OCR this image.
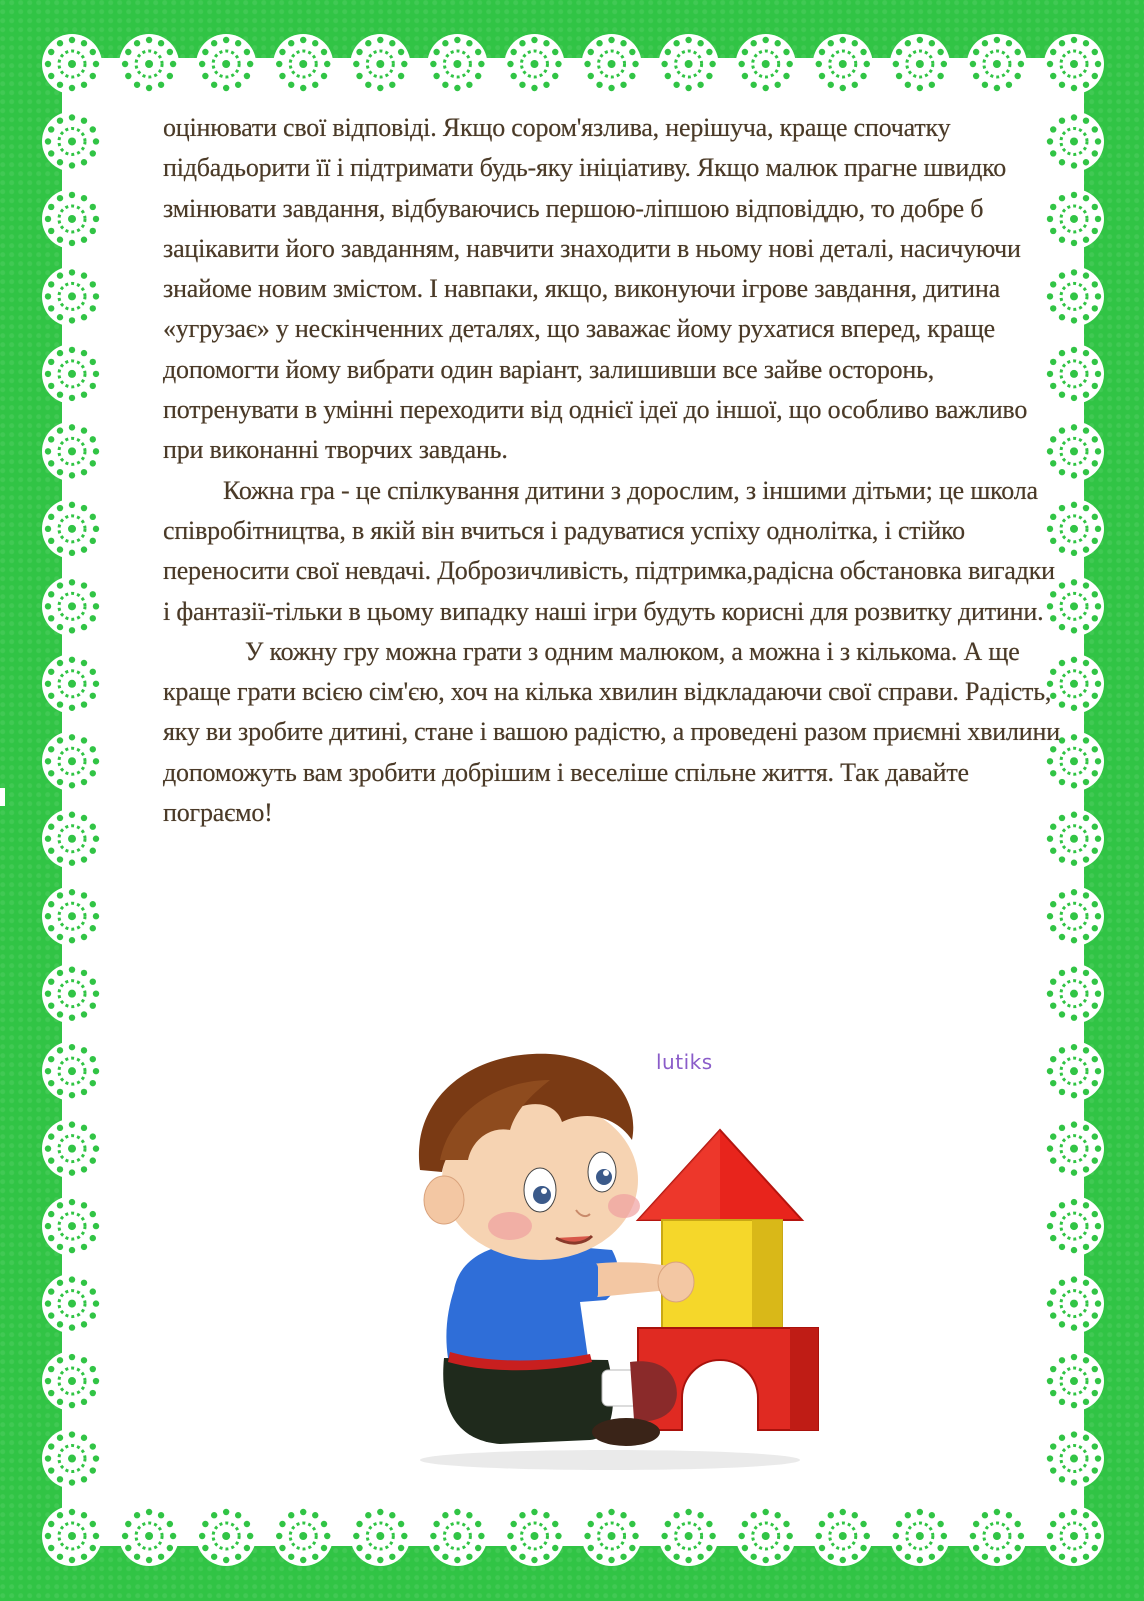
оцінювати свої відповіді. Якщо сором'язлива, нерішуча, краще спочатку підбадьорити її і підтримати будь-яку ініціативу. Якщо малюк прагне швидко змінювати завдання, відбуваючись першою-ліпшою відповіддю, то добре б зацікавити його завданням, навчити знаходити в ньому нові деталі, насичуючи знайоме новим змістом. І навпаки, якщо, виконуючи ігрове завдання, дитина «угрузає» у нескінченних деталях, що заважає йому рухатися вперед, краще допомогти йому вибрати один варіант, залишивши все зайве осторонь, потренувати в умінні переходити від однієї ідеї до іншої, що особливо важливо при виконанні творчих завдань.

Кожна гра - це спілкування дитини з дорослим, з іншими дітьми; це школа співробітництва, в якій він вчиться і радуватися успіху однолітка, і стійко переносити свої невдачі. Доброзичливість, підтримка,радісна обстановка вигадки і фантазії-тільки в цьому випадку наші ігри будуть корисні для розвитку дитини.

У кожну гру можна грати з одним малюком, а можна і з кількома. А ще краще грати всією сім'єю, хоч на кілька хвилин відкладаючи свої справи. Радість, яку ви зробите дитині, стане і вашою радістю, а проведені разом приємні хвилини допоможуть вам зробити добрішим і веселіше спільне життя. Так давайте пограємо!

lutiks
